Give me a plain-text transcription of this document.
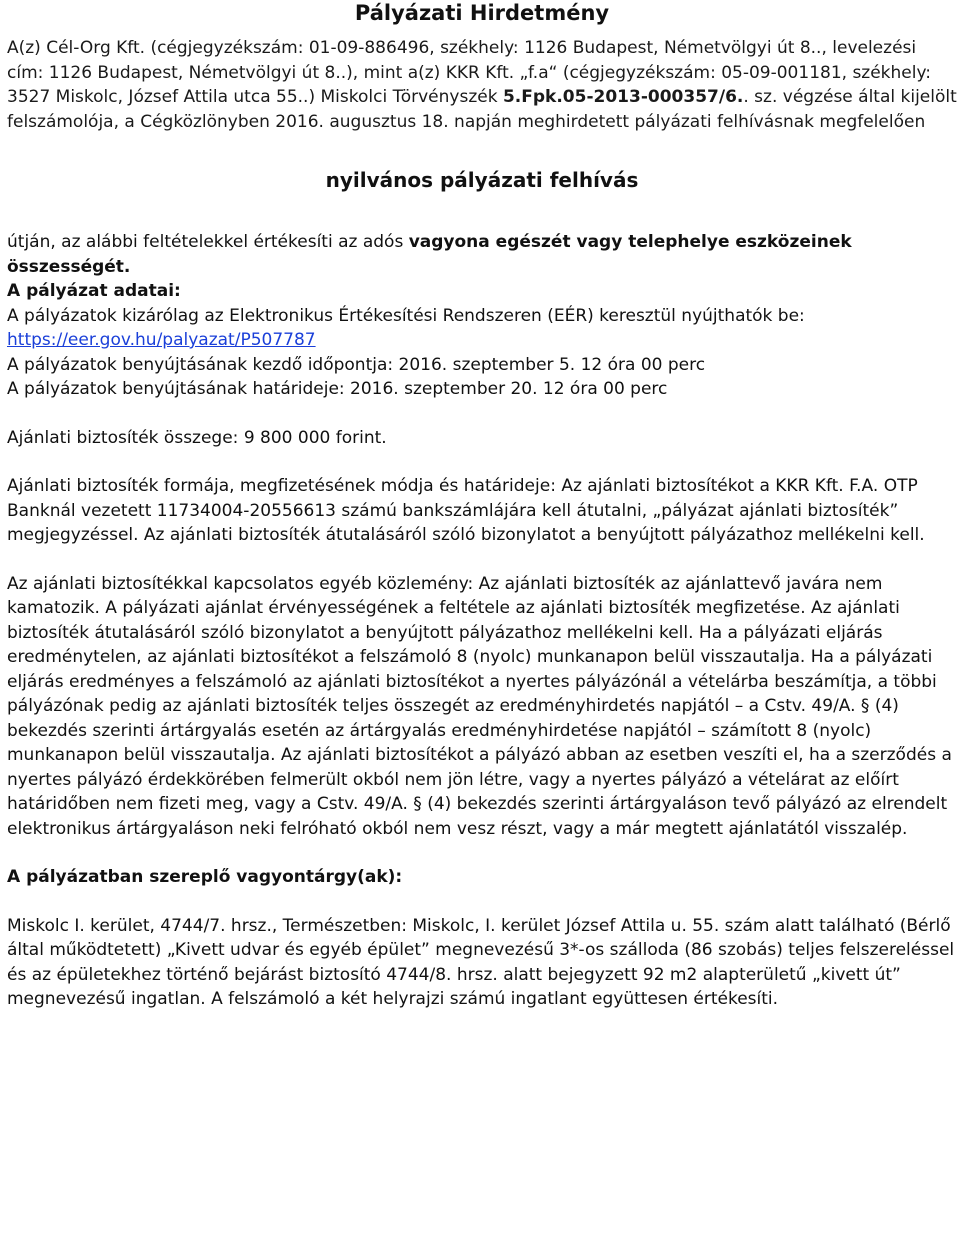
Pályázati Hirdetmény

A(z) Cél-Org Kft. (cégjegyzékszám: 01-09-886496, székhely: 1126 Budapest, Németvölgyi út 8.., levelezési cím: 1126 Budapest, Németvölgyi út 8..), mint a(z) KKR Kft. „f.a“ (cégjegyzékszám: 05-09-001181, székhely: 3527 Miskolc, József Attila utca 55..) Miskolci Törvényszék 5.Fpk.05-2013-000357/6.. sz. végzése által kijelölt felszámolója, a Cégközlönyben 2016. augusztus 18. napján meghirdetett pályázati felhívásnak megfelelően

nyilvános pályázati felhívás

útján, az alábbi feltételekkel értékesíti az adós vagyona egészét vagy telephelye eszközeinek összességét.

A pályázat adatai:

A pályázatok kizárólag az Elektronikus Értékesítési Rendszeren (EÉR) keresztül nyújthatók be:
https://eer.gov.hu/palyazat/P507787

A pályázatok benyújtásának kezdő időpontja: 2016. szeptember 5. 12 óra 00 perc

A pályázatok benyújtásának határideje: 2016. szeptember 20. 12 óra 00 perc

Ajánlati biztosíték összege: 9 800 000 forint.

Ajánlati biztosíték formája, megfizetésének módja és határideje: Az ajánlati biztosítékot a KKR Kft. F.A. OTP Banknál vezetett 11734004-20556613 számú bankszámlájára kell átutalni, „pályázat ajánlati biztosíték” megjegyzéssel. Az ajánlati biztosíték átutalásáról szóló bizonylatot a benyújtott pályázathoz mellékelni kell.

Az ajánlati biztosítékkal kapcsolatos egyéb közlemény: Az ajánlati biztosíték az ajánlattevő javára nem kamatozik. A pályázati ajánlat érvényességének a feltétele az ajánlati biztosíték megfizetése. Az ajánlati biztosíték átutalásáról szóló bizonylatot a benyújtott pályázathoz mellékelni kell. Ha a pályázati eljárás eredménytelen, az ajánlati biztosítékot a felszámoló 8 (nyolc) munkanapon belül visszautalja. Ha a pályázati eljárás eredményes a felszámoló az ajánlati biztosítékot a nyertes pályázónál a vételárba beszámítja, a többi pályázónak pedig az ajánlati biztosíték teljes összegét az eredményhirdetés napjától – a Cstv. 49/A. § (4) bekezdés szerinti ártárgyalás esetén az ártárgyalás eredményhirdetése napjától – számított 8 (nyolc) munkanapon belül visszautalja. Az ajánlati biztosítékot a pályázó abban az esetben veszíti el, ha a szerződés a nyertes pályázó érdekkörében felmerült okból nem jön létre, vagy a nyertes pályázó a vételárat az előírt határidőben nem fizeti meg, vagy a Cstv. 49/A. § (4) bekezdés szerinti ártárgyaláson tevő pályázó az elrendelt elektronikus ártárgyaláson neki felróható okból nem vesz részt, vagy a már megtett ajánlatától visszalép.

A pályázatban szereplő vagyontárgy(ak):

Miskolc I. kerület, 4744/7. hrsz., Természetben: Miskolc, I. kerület József Attila u. 55. szám alatt található (Bérlő által működtetett) „Kivett udvar és egyéb épület” megnevezésű 3*-os szálloda (86 szobás) teljes felszereléssel és az épületekhez történő bejárást biztosító 4744/8. hrsz. alatt bejegyzett 92 m2 alapterületű „kivett út” megnevezésű ingatlan. A felszámoló a két helyrajzi számú ingatlant együttesen értékesíti.
